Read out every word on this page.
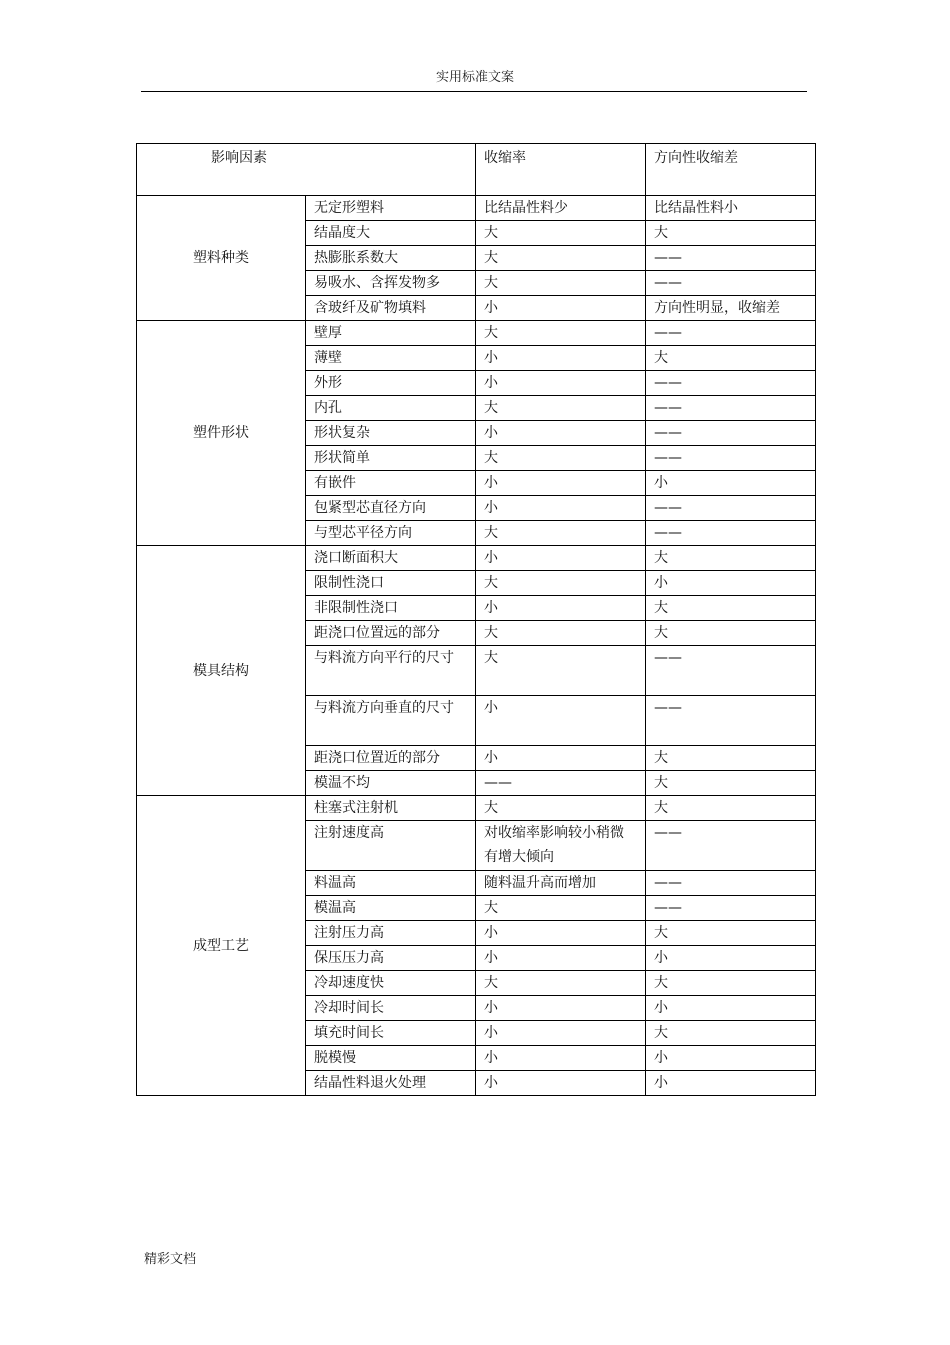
实用标准文案
影响因素		收缩率	方向性收缩差
塑料种类	无定形塑料	比结晶性料少	比结晶性料小
	结晶度大	大	大
	热膨胀系数大	大	——
	易吸水、含挥发物多	大	——
	含玻纤及矿物填料	小	方向性明显，收缩差
塑件形状	壁厚	大	——
	薄壁	小	大
	外形	小	——
	内孔	大	——
	形状复杂	小	——
	形状简单	大	——
	有嵌件	小	小
	包紧型芯直径方向	小	——
	与型芯平径方向	大	——
模具结构	浇口断面积大	小	大
	限制性浇口	大	小
	非限制性浇口	小	大
	距浇口位置远的部分	大	大
	与料流方向平行的尺寸	大	——
	与料流方向垂直的尺寸	小	——
	距浇口位置近的部分	小	大
	模温不均	——	大
成型工艺	柱塞式注射机	大	大
	注射速度高	对收缩率影响较小稍微有增大倾向	——
	料温高	随料温升高而增加	——
	模温高	大	——
	注射压力高	小	大
	保压压力高	小	小
	冷却速度快	大	大
	冷却时间长	小	小
	填充时间长	小	大
	脱模慢	小	小
	结晶性料退火处理	小	小
精彩文档
